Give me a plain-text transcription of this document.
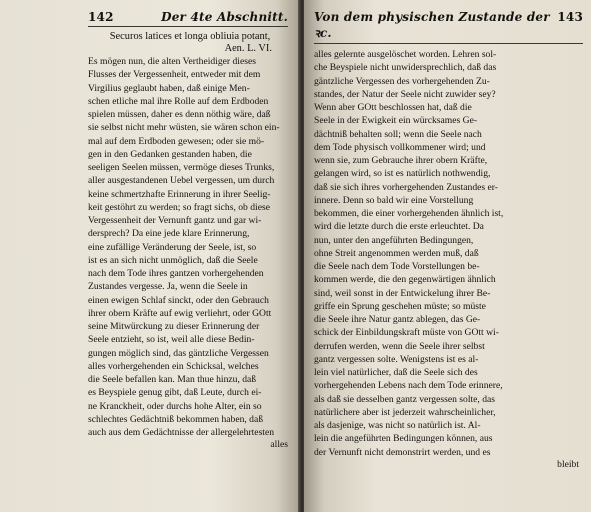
142	Der 4te Abschnitt.
Securos latices et longa obliuia potant,
Aen. L. VI.
Es mögen nun, die alten Vertheidiger dieses
Flusses der Vergessenheit, entweder mit dem
Virgilius geglaubt haben, daß einige Men-
schen etliche mal ihre Rolle auf dem Erdboden
spielen müssen, daher es denn nöthig wäre, daß
sie selbst nicht mehr wüsten, sie wären schon ein-
mal auf dem Erdboden gewesen; oder sie mö-
gen in den Gedanken gestanden haben, die
seeligen Seelen müssen, vermöge dieses Trunks,
aller ausgestandenen Uebel vergessen, um durch
keine schmertzhafte Erinnerung in ihrer Seelig-
keit gestöhrt zu werden; so fragt sichs, ob diese
Vergessenheit der Vernunft gantz und gar wi-
dersprech? Da eine jede klare Erinnerung,
eine zufällige Veränderung der Seele, ist, so
ist es an sich nicht unmöglich, daß die Seele
nach dem Tode ihres gantzen vorhergehenden
Zustandes vergesse. Ja, wenn die Seele in
einen ewigen Schlaf sinckt, oder den Gebrauch
ihrer obern Kräfte auf ewig verliehrt, oder GOtt
seine Mitwürckung zu dieser Erinnerung der
Seele entzieht, so ist, weil alle diese Bedin-
gungen möglich sind, das gäntzliche Vergessen
alles vorhergehenden ein Schicksal, welches
die Seele befallen kan. Man thue hinzu, daß
es Beyspiele genug gibt, daß Leute, durch ei-
ne Kranckheit, oder durchs hohe Alter, ein so
schlechtes Gedächtniß bekommen haben, daß
auch aus dem Gedächtnisse der allergelehrtesten
alles
Von dem physischen Zustande der ꝛc.
143
alles gelernte ausgelöschet worden. Lehren sol-
che Beyspiele nicht unwidersprechlich, daß das
gäntzliche Vergessen des vorhergehenden Zu-
standes, der Natur der Seele nicht zuwider sey?
Wenn aber GOtt beschlossen hat, daß die
Seele in der Ewigkeit ein würcksames Ge-
dächtniß behalten soll; wenn die Seele nach
dem Tode physisch vollkommener wird; und
wenn sie, zum Gebrauche ihrer obern Kräfte,
gelangen wird, so ist es natürlich nothwendig,
daß sie sich ihres vorhergehenden Zustandes er-
innere. Denn so bald wir eine Vorstellung
bekommen, die einer vorhergehenden ähnlich ist,
wird die letzte durch die erste erleuchtet. Da
nun, unter den angeführten Bedingungen,
ohne Streit angenommen werden muß, daß
die Seele nach dem Tode Vorstellungen be-
kommen werde, die den gegenwärtigen ähnlich
sind, weil sonst in der Entwickelung ihrer Be-
griffe ein Sprung geschehen müste; so müste
die Seele ihre Natur gantz ablegen, das Ge-
schick der Einbildungskraft müste von GOtt wi-
derrufen werden, wenn die Seele ihrer selbst
gantz vergessen solte. Wenigstens ist es al-
lein viel natürlicher, daß die Seele sich des
vorhergehenden Lebens nach dem Tode erinnere,
als daß sie desselben gantz vergessen solte, das
natürlichere aber ist jederzeit wahrscheinlicher,
als dasjenige, was nicht so natürlich ist. Al-
lein die angeführten Bedingungen können, aus
der Vernunft nicht demonstrirt werden, und es
bleibt
